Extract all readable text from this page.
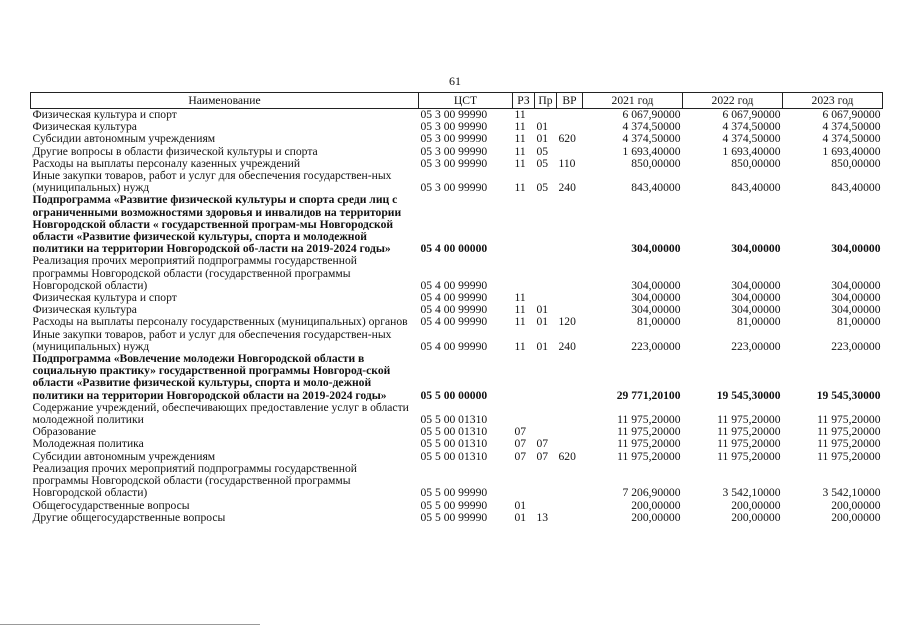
61
Наименование	ЦСТ	РЗ	Пр	ВР	2021 год	2022 год	2023 год
Физическая культура и спорт	05 3 00 99990	11			6 067,90000	6 067,90000	6 067,90000
Физическая культура	05 3 00 99990	11	01		4 374,50000	4 374,50000	4 374,50000
Субсидии автономным учреждениям	05 3 00 99990	11	01	620	4 374,50000	4 374,50000	4 374,50000
Другие вопросы в области физической культуры и спорта	05 3 00 99990	11	05		1 693,40000	1 693,40000	1 693,40000
Расходы на выплаты персоналу казенных учреждений	05 3 00 99990	11	05	110	850,00000	850,00000	850,00000
Иные закупки товаров, работ и услуг для обеспечения государствен-ных (муниципальных) нужд	05 3 00 99990	11	05	240	843,40000	843,40000	843,40000
Подпрограмма «Развитие физической культуры и спорта среди лиц с ограниченными возможностями здоровья и инвалидов на территории Новгородской области « государственной програм-мы Новгородской области «Развитие физической культуры, спорта и молодежной политики на территории Новгородской об-ласти на 2019-2024 годы»	05 4 00 00000				304,00000	304,00000	304,00000
Реализация прочих мероприятий подпрограммы государственной программы Новгородской области (государственной программы Новгородской области)	05 4 00 99990				304,00000	304,00000	304,00000
Физическая культура и спорт	05 4 00 99990	11			304,00000	304,00000	304,00000
Физическая культура	05 4 00 99990	11	01		304,00000	304,00000	304,00000
Расходы на выплаты персоналу государственных (муниципальных) органов	05 4 00 99990	11	01	120	81,00000	81,00000	81,00000
Иные закупки товаров, работ и услуг для обеспечения государствен-ных (муниципальных) нужд	05 4 00 99990	11	01	240	223,00000	223,00000	223,00000
Подпрограмма «Вовлечение молодежи Новгородской области в социальную практику» государственной программы Новгород-ской области «Развитие физической культуры, спорта и моло-дежной политики на территории Новгородской области на 2019-2024 годы»	05 5 00 00000				29 771,20100	19 545,30000	19 545,30000
Содержание учреждений, обеспечивающих предоставление услуг в области молодежной политики	05 5 00 01310				11 975,20000	11 975,20000	11 975,20000
Образование	05 5 00 01310	07			11 975,20000	11 975,20000	11 975,20000
Молодежная политика	05 5 00 01310	07	07		11 975,20000	11 975,20000	11 975,20000
Субсидии автономным учреждениям	05 5 00 01310	07	07	620	11 975,20000	11 975,20000	11 975,20000
Реализация прочих мероприятий подпрограммы государственной программы Новгородской области (государственной программы Новгородской области)	05 5 00 99990				7 206,90000	3 542,10000	3 542,10000
Общегосударственные вопросы	05 5 00 99990	01			200,00000	200,00000	200,00000
Другие общегосударственные вопросы	05 5 00 99990	01	13		200,00000	200,00000	200,00000
